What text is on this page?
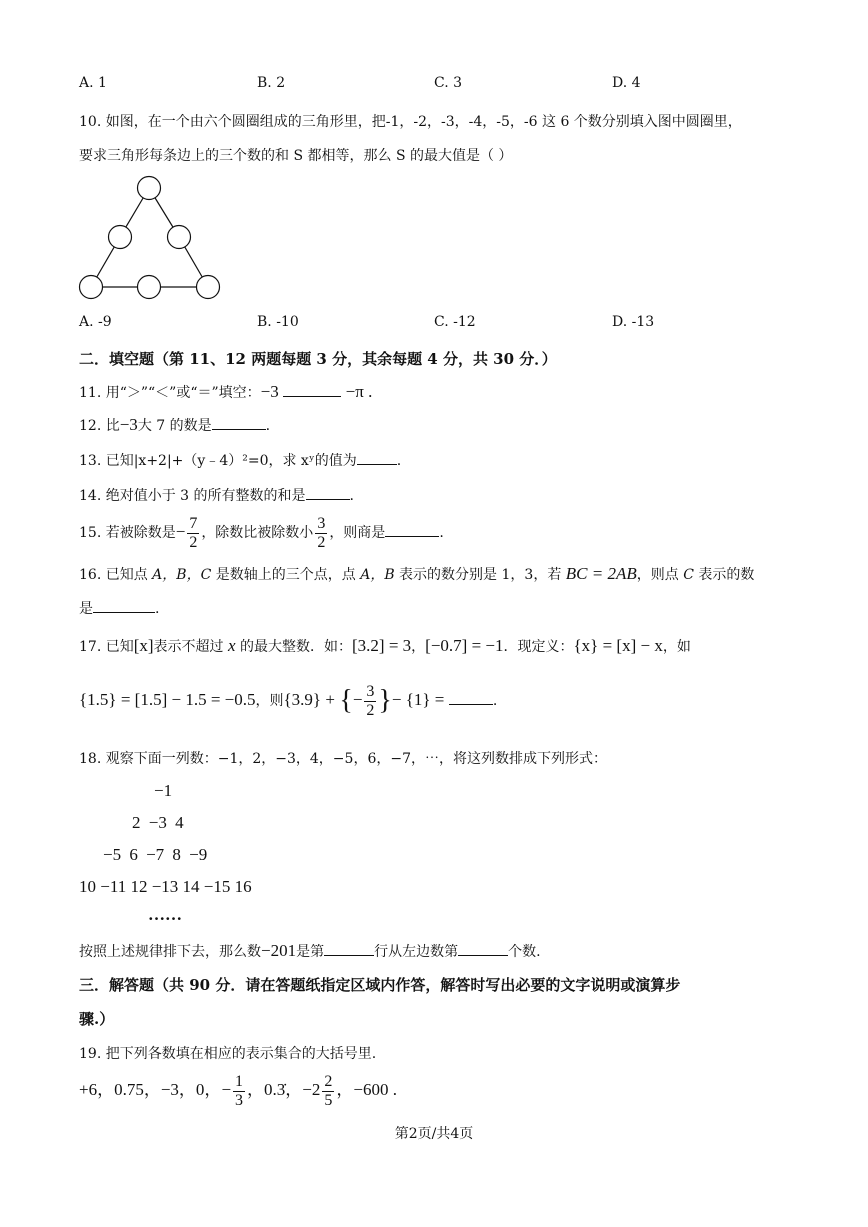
A. 1	B. 2	C. 3	D. 4
10. 如图，在一个由六个圆圈组成的三角形里，把-1，-2，-3，-4，-5，-6 这 6 个数分别填入图中圆圈里，
要求三角形每条边上的三个数的和 S 都相等，那么 S 的最大值是（ ）
A. -9	B. -10	C. -12	D. -13
二．填空题（第 11、12 两题每题 3 分，其余每题 4 分，共 30 分．）
11. 用“＞”“＜”或“＝”填空：−3	−π .
12. 比−3大 7 的数是	.
13. 已知|x+2|+（y﹣4）²=0，求 xʸ的值为	.
14. 绝对值小于 3 的所有整数的和是	.
15. 若被除数是− $\frac{7}{2}$ ，除数比被除数小 $\frac{3}{2}$ ，则商是	.
16. 已知点 A，B，C 是数轴上的三个点，点 A，B 表示的数分别是 1，3，若 BC = 2AB，则点 C 表示的数
是	.
17. 已知[x]表示不超过 x 的最大整数．如：[3.2] = 3，[−0.7] = −1．现定义：{x} = [x] − x，如
{1.5} = [1.5] − 1.5 = −0.5，则{3.9} + {− $\frac{3}{2}$ }− {1} =	.
18. 观察下面一列数：−1，2，−3，4，−5，6，−7，⋯，将这列数排成下列形式：
−1
2 −3 4
−5 6 −7 8 −9
10 −11 12 −13 14 −15 16
……
按照上述规律排下去，那么数−201是第	行从左边数第	个数.
三．解答题（共 90 分．请在答题纸指定区域内作答，解答时写出必要的文字说明或演算步
骤.）
19. 把下列各数填在相应的表示集合的大括号里.
+6，0.75，−3，0，− $\frac{1}{3}$ ，0.3̇，$-2 \frac{2}{5}$ ，−600 .
第2页/共4页
